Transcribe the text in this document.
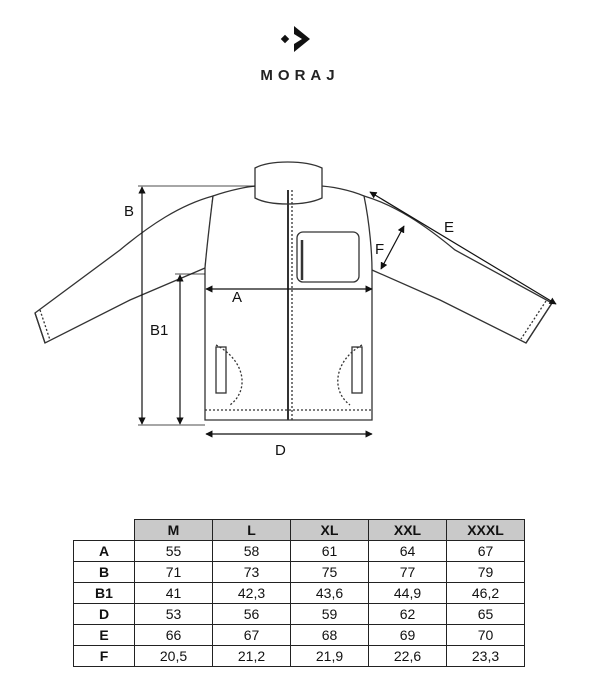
MORAJ
B
B1
A
D
E
F
	M	L	XL	XXL	XXXL
A	55	58	61	64	67
B	71	73	75	77	79
B1	41	42,3	43,6	44,9	46,2
D	53	56	59	62	65
E	66	67	68	69	70
F	20,5	21,2	21,9	22,6	23,3
